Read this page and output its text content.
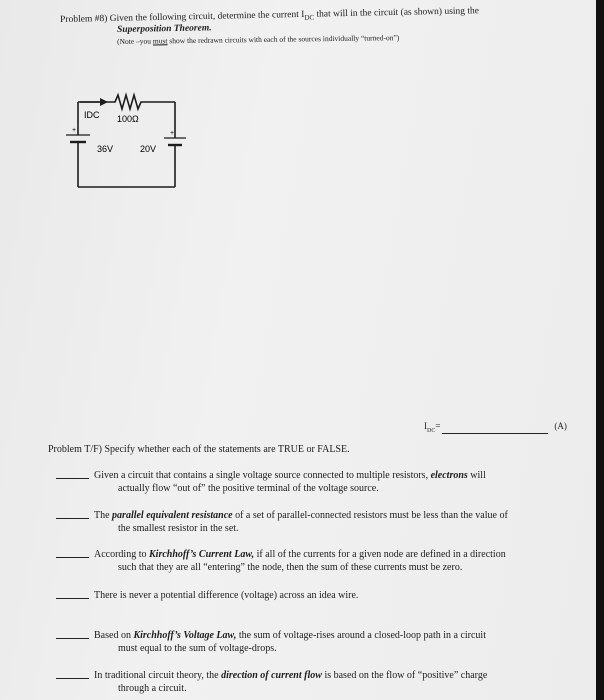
Problem #8) Given the following circuit, determine the current $I_{DC}$ that will in the circuit (as shown) using the
Superposition Theorem.
(Note –you must show the redrawn circuits with each of the sources individually “turned-on”)
IDC 100Ω
36V	20V
+	+
$I_{DC}=$	(A)
Problem T/F) Specify whether each of the statements are TRUE or FALSE.
Given a circuit that contains a single voltage source connected to multiple resistors, electrons will
actually flow “out of” the positive terminal of the voltage source.
The parallel equivalent resistance of a set of parallel-connected resistors must be less than the value of
the smallest resistor in the set.
According to Kirchhoff’s Current Law, if all of the currents for a given node are defined in a direction
such that they are all “entering” the node, then the sum of these currents must be zero.
There is never a potential difference (voltage) across an idea wire.
Based on Kirchhoff’s Voltage Law, the sum of voltage-rises around a closed-loop path in a circuit
must equal to the sum of voltage-drops.
In traditional circuit theory, the direction of current flow is based on the flow of “positive” charge
through a circuit.
